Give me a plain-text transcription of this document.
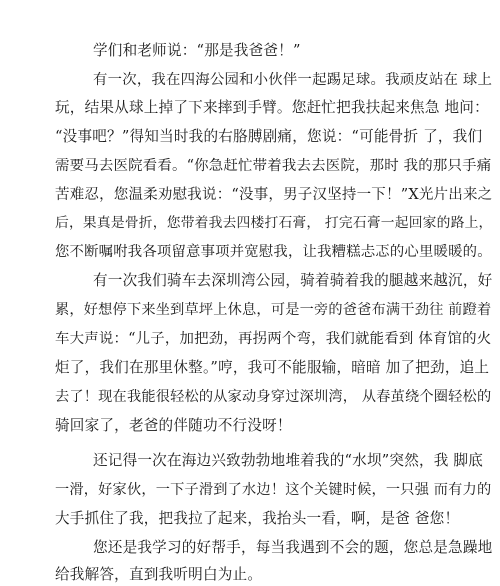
学们和老师说：“那是我爸爸！”
有一次，我在四海公园和小伙伴一起踢足球。我顽皮站在 球上
玩，结果从球上掉了下来摔到手臂。您赶忙把我扶起来焦急 地问：
“没事吧？”得知当时我的右胳膊剧痛，您说：“可能骨折 了，我们
需要马去医院看看。“你急赶忙带着我去去医院，那时 我的那只手痛
苦难忍，您温柔劝慰我说：“没事，男子汉坚持一下！”X光片出来之
后，果真是骨折，您带着我去四楼打石膏， 打完石膏一起回家的路上，
您不断嘱咐我各项留意事项并宽慰我，让我糟糕忐忑的心里暖暖的。
有一次我们骑车去深圳湾公园，骑着骑着我的腿越来越沉，好
累，好想停下来坐到草坪上休息，可是一旁的爸爸布满干劲往 前蹬着
车大声说：“儿子，加把劲，再拐两个弯，我们就能看到 体育馆的火
炬了，我们在那里休整。”哼，我可不能服输，暗暗 加了把劲，追上
去了！现在我能很轻松的从家动身穿过深圳湾， 从春茧绕个圈轻松的
骑回家了，老爸的伴随功不行没呀！
还记得一次在海边兴致勃勃地堆着我的“水坝”突然，我 脚底
一滑，好家伙，一下子滑到了水边！这个关键时候，一只强 而有力的
大手抓住了我，把我拉了起来，我抬头一看，啊，是爸 爸您！
您还是我学习的好帮手，每当我遇到不会的题，您总是急躁地
给我解答，直到我听明白为止。
